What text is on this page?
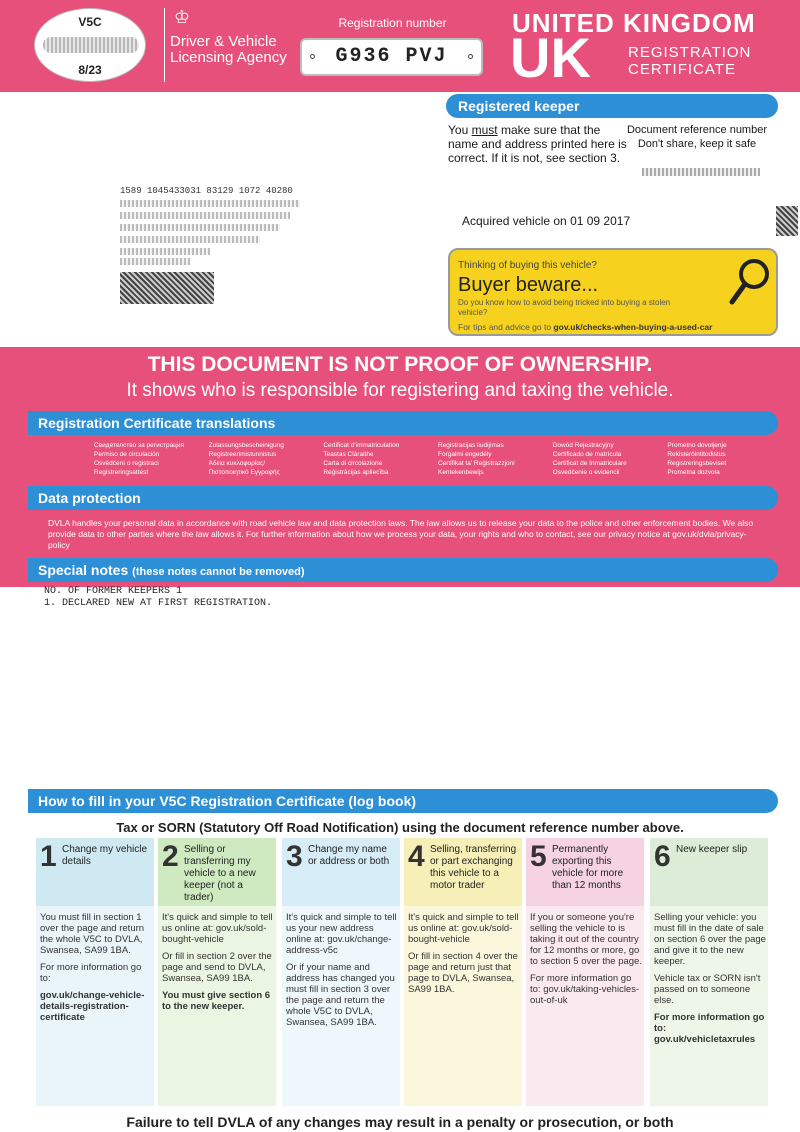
V5C
8/23
♔
Driver & Vehicle Licensing Agency
Registration number
G936 PVJ
UNITED KINGDOM
UK REGISTRATION CERTIFICATE
Registered keeper
You must make sure that the name and address printed here is correct. If it is not, see section 3.
Document reference number
Don't share, keep it safe
1589 1045433031 83129 1072 40280
Acquired vehicle on 01 09 2017
Thinking of buying this vehicle?
Buyer beware...
Do you know how to avoid being tricked into buying a stolen vehicle?
For tips and advice go to gov.uk/checks-when-buying-a-used-car
THIS DOCUMENT IS NOT PROOF OF OWNERSHIP.
It shows who is responsible for registering and taxing the vehicle.
Registration Certificate translations
Свидетелство за регистрация	Zulassungsbescheinigung	Certificat d'immatriculation	Registracijas liudijimas	Dowód Rejestracyjny	Prometno dovoljenje
Permiso de circulación	Registreerimistunnistus	Teastas Cláraithe	Forgalmi engedély	Certificado de matrícula	Rekisteröintitodistus
Osvědčení o registraci	Άδεια κυκλοφορίας/	Carta di circolazione	Certifikat ta' Reġistrazzjoni	Certificat de înmatriculare	Registreringsbeviset
Registreringsattest	Πιστοποιητικό Εγγραφής	Reģistrācijas apliecība	Kentekenbewijs	Osvedčenie o evidencii	Prometna dozvola
Data protection
DVLA handles your personal data in accordance with road vehicle law and data protection laws. The law allows us to release your data to the police and other enforcement bodies. We also provide data to other parties where the law allows it. For further information about how we process your data, your rights and who to contact, see our privacy notice at gov.uk/dvla/privacy-policy
Special notes (these notes cannot be removed)
NO. OF FORMER KEEPERS 1
1. DECLARED NEW AT FIRST REGISTRATION.
How to fill in your V5C Registration Certificate (log book)
Tax or SORN (Statutory Off Road Notification) using the document reference number above.
1 Change my vehicle details

You must fill in section 1 over the page and return the whole V5C to DVLA, Swansea, SA99 1BA.

For more information go to:

gov.uk/change-vehicle-details-registration-certificate

2 Selling or transferring my vehicle to a new keeper (not a trader)

It's quick and simple to tell us online at: gov.uk/sold-bought-vehicle

Or fill in section 2 over the page and send to DVLA, Swansea, SA99 1BA.

You must give section 6 to the new keeper.

3 Change my name or address or both

It's quick and simple to tell us your new address online at: gov.uk/change-address-v5c

Or if your name and address has changed you must fill in section 3 over the page and return the whole V5C to DVLA, Swansea, SA99 1BA.

4 Selling, transferring or part exchanging this vehicle to a motor trader

It's quick and simple to tell us online at: gov.uk/sold-bought-vehicle

Or fill in section 4 over the page and return just that page to DVLA, Swansea, SA99 1BA.

5 Permanently exporting this vehicle for more than 12 months

If you or someone you're selling the vehicle to is taking it out of the country for 12 months or more, go to section 5 over the page.

For more information go to: gov.uk/taking-vehicles-out-of-uk

6 New keeper slip

Selling your vehicle: you must fill in the date of sale on section 6 over the page and give it to the new keeper.

Vehicle tax or SORN isn't passed on to someone else.

For more information go to: gov.uk/vehicletaxrules

Failure to tell DVLA of any changes may result in a penalty or prosecution, or both
